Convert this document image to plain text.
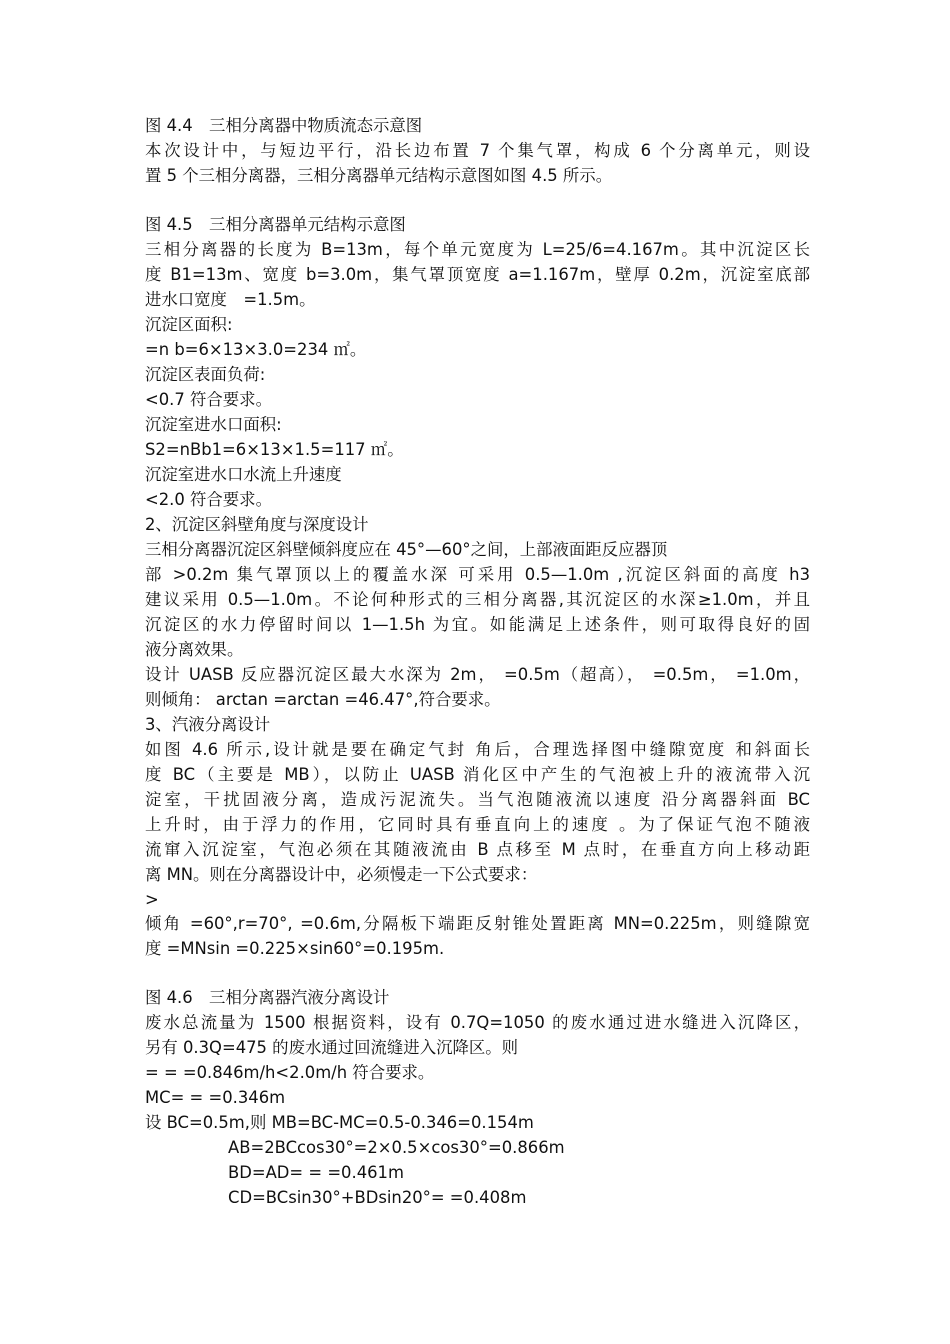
图 4.4　三相分离器中物质流态示意图
本次设计中，与短边平行，沿长边布置 7 个集气罩，构成 6 个分离单元，则设
置 5 个三相分离器，三相分离器单元结构示意图如图 4.5 所示。
图 4.5　三相分离器单元结构示意图
三相分离器的长度为 B=13m，每个单元宽度为 L=25/6=4.167m。其中沉淀区长
度 B1=13m、宽度 b=3.0m，集气罩顶宽度 a=1.167m，壁厚 0.2m，沉淀室底部
进水口宽度　=1.5m。
沉淀区面积:
=n b=6×13×3.0=234 ㎡。
沉淀区表面负荷:
<0.7 符合要求。
沉淀室进水口面积:
S2=nBb1=6×13×1.5=117 ㎡。
沉淀室进水口水流上升速度
<2.0 符合要求。
2、沉淀区斜壁角度与深度设计
三相分离器沉淀区斜壁倾斜度应在 45°—60°之间，上部液面距反应器顶
部 >0.2m 集气罩顶以上的覆盖水深 可采用 0.5—1.0m ,沉淀区斜面的高度 h3
建议采用 0.5—1.0m。不论何种形式的三相分离器,其沉淀区的水深≥1.0m，并且
沉淀区的水力停留时间以 1—1.5h 为宜。如能满足上述条件，则可取得良好的固
液分离效果。
设计 UASB 反应器沉淀区最大水深为 2m， =0.5m（超高）， =0.5m， =1.0m，
则倾角： arctan =arctan =46.47°,符合要求。
3、汽液分离设计
如图 4.6 所示,设计就是要在确定气封 角后，合理选择图中缝隙宽度 和斜面长
度 BC（主要是 MB），以防止 UASB 消化区中产生的气泡被上升的液流带入沉
淀室，干扰固液分离，造成污泥流失。当气泡随液流以速度 沿分离器斜面 BC
上升时，由于浮力的作用，它同时具有垂直向上的速度 。为了保证气泡不随液
流窜入沉淀室，气泡必须在其随液流由 B 点移至 M 点时，在垂直方向上移动距
离 MN。则在分离器设计中，必须慢走一下公式要求：
>
倾角 =60°,r=70°, =0.6m,分隔板下端距反射锥处置距离 MN=0.225m，则缝隙宽
度 =MNsin =0.225×sin60°=0.195m.
图 4.6　三相分离器汽液分离设计
废水总流量为 1500 根据资料，设有 0.7Q=1050 的废水通过进水缝进入沉降区，
另有 0.3Q=475 的废水通过回流缝进入沉降区。则
= = =0.846m/h<2.0m/h 符合要求。
MC= = =0.346m
设 BC=0.5m,则 MB=BC-MC=0.5-0.346=0.154m
AB=2BCcos30°=2×0.5×cos30°=0.866m
BD=AD= = =0.461m
CD=BCsin30°+BDsin20°= =0.408m
